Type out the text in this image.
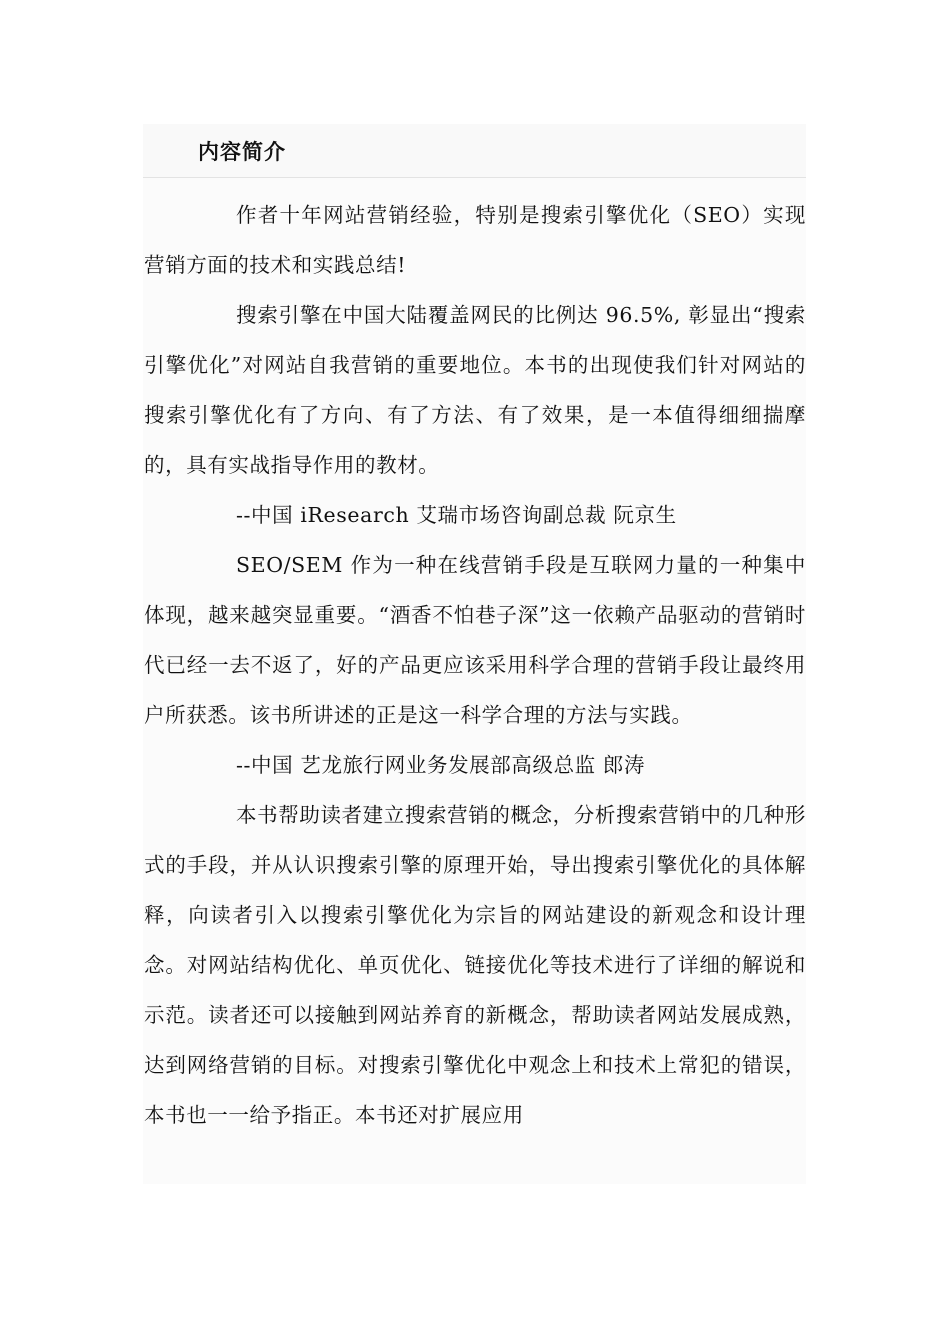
内容简介

作者十年网站营销经验，特别是搜索引擎优化（SEO）实现营销方面的技术和实践总结!

搜索引擎在中国大陆覆盖网民的比例达 96.5%, 彰显出“搜索引擎优化”对网站自我营销的重要地位。本书的出现使我们针对网站的搜索引擎优化有了方向、有了方法、有了效果，是一本值得细细揣摩的，具有实战指导作用的教材。

--中国 iResearch 艾瑞市场咨询副总裁 阮京生

SEO/SEM 作为一种在线营销手段是互联网力量的一种集中体现，越来越突显重要。“酒香不怕巷子深”这一依赖产品驱动的营销时代已经一去不返了，好的产品更应该采用科学合理的营销手段让最终用户所获悉。该书所讲述的正是这一科学合理的方法与实践。

--中国 艺龙旅行网业务发展部高级总监 郎涛

本书帮助读者建立搜索营销的概念，分析搜索营销中的几种形式的手段，并从认识搜索引擎的原理开始，导出搜索引擎优化的具体解释，向读者引入以搜索引擎优化为宗旨的网站建设的新观念和设计理念。对网站结构优化、单页优化、链接优化等技术进行了详细的解说和示范。读者还可以接触到网站养育的新概念，帮助读者网站发展成熟，达到网络营销的目标。对搜索引擎优化中观念上和技术上常犯的错误，本书也一一给予指正。本书还对扩展应用
